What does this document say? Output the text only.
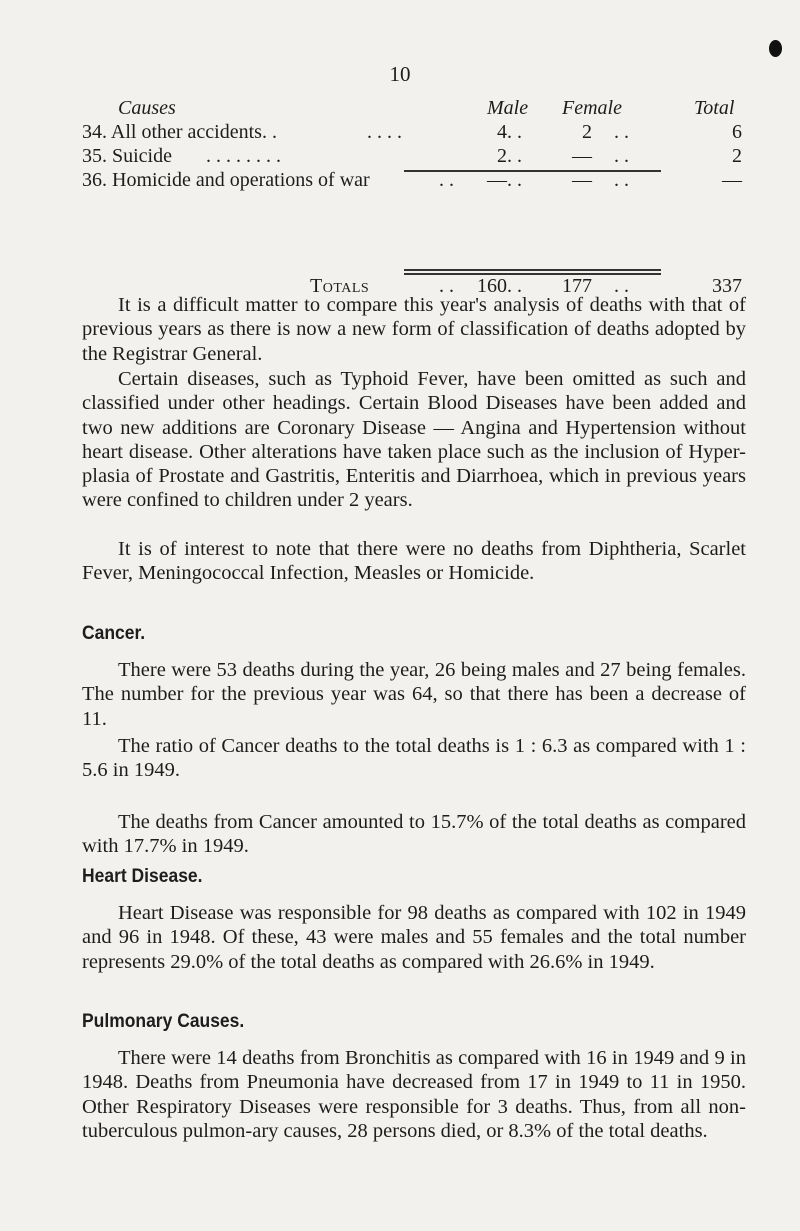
10
Causes	Male Female	Total
34. All other accidents. .	. . . .	4 . .	2 . .	6
35. Suicide . . . . . . . .	2 . .	— . .	2
36. Homicide and operations of war	. .	— . .	— . .	—
Totals	. .	160 . .	177 . .	337

It is a difficult matter to compare this year's analysis of deaths with that of previous years as there is now a new form of classification of deaths adopted by the Registrar General.

Certain diseases, such as Typhoid Fever, have been omitted as such and classified under other headings. Certain Blood Diseases have been added and two new additions are Coronary Disease — Angina and Hypertension without heart disease. Other alterations have taken place such as the inclusion of Hyper-plasia of Prostate and Gastritis, Enteritis and Diarrhoea, which in previous years were confined to children under 2 years.

It is of interest to note that there were no deaths from Diphtheria, Scarlet Fever, Meningococcal Infection, Measles or Homicide.

Cancer.

There were 53 deaths during the year, 26 being males and 27 being females. The number for the previous year was 64, so that there has been a decrease of 11.

The ratio of Cancer deaths to the total deaths is 1 : 6.3 as compared with 1 : 5.6 in 1949.

The deaths from Cancer amounted to 15.7% of the total deaths as compared with 17.7% in 1949.

Heart Disease.

Heart Disease was responsible for 98 deaths as compared with 102 in 1949 and 96 in 1948. Of these, 43 were males and 55 females and the total number represents 29.0% of the total deaths as compared with 26.6% in 1949.

Pulmonary Causes.

There were 14 deaths from Bronchitis as compared with 16 in 1949 and 9 in 1948. Deaths from Pneumonia have decreased from 17 in 1949 to 11 in 1950. Other Respiratory Diseases were responsible for 3 deaths. Thus, from all non-tuberculous pulmon-ary causes, 28 persons died, or 8.3% of the total deaths.
